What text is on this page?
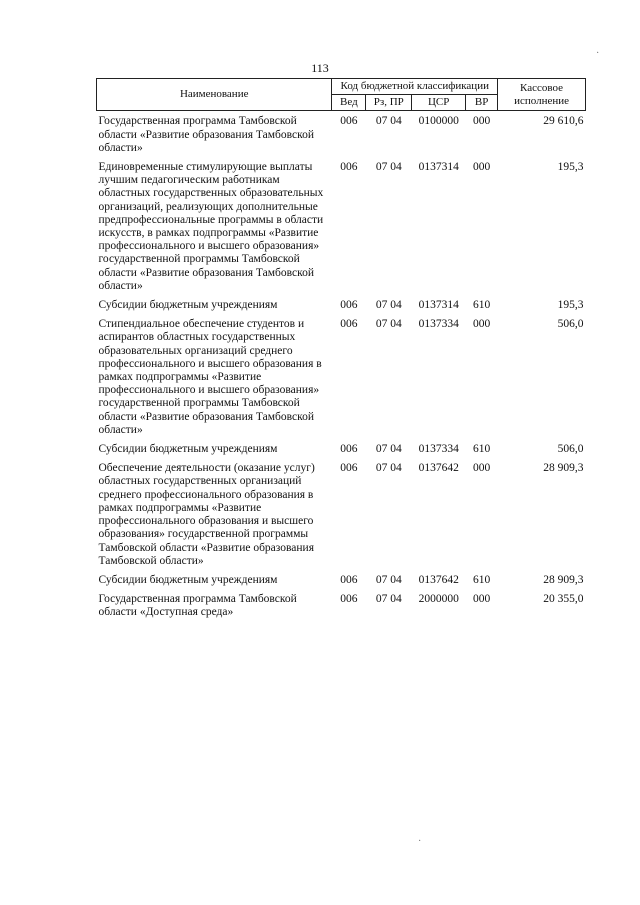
113
Наименование	Код бюджетной классификации				Кассовое исполнение
	Вед	Рз, ПР	ЦСР	ВР	
Государственная программа Тамбовской области «Развитие образования Тамбовской области»	006	07 04	0100000	000	29 610,6
Единовременные стимулирующие выплаты лучшим педагогическим работникам областных государственных образовательных организаций, реализующих дополнительные предпрофессиональные программы в области искусств, в рамках подпрограммы «Развитие профессионального и высшего образования» государственной программы Тамбовской области «Развитие образования Тамбовской области»	006	07 04	0137314	000	195,3
Субсидии бюджетным учреждениям	006	07 04	0137314	610	195,3
Стипендиальное обеспечение студентов и аспирантов областных государственных образовательных организаций среднего профессионального и высшего образования в рамках подпрограммы «Развитие профессионального и высшего образования» государственной программы Тамбовской области «Развитие образования Тамбовской области»	006	07 04	0137334	000	506,0
Субсидии бюджетным учреждениям	006	07 04	0137334	610	506,0
Обеспечение деятельности (оказание услуг) областных государственных организаций среднего профессионального образования в рамках подпрограммы «Развитие профессионального образования и высшего образования» государственной программы Тамбовской области «Развитие образования Тамбовской области»	006	07 04	0137642	000	28 909,3
Субсидии бюджетным учреждениям	006	07 04	0137642	610	28 909,3
Государственная программа Тамбовской области «Доступная среда»	006	07 04	2000000	000	20 355,0
·
·
